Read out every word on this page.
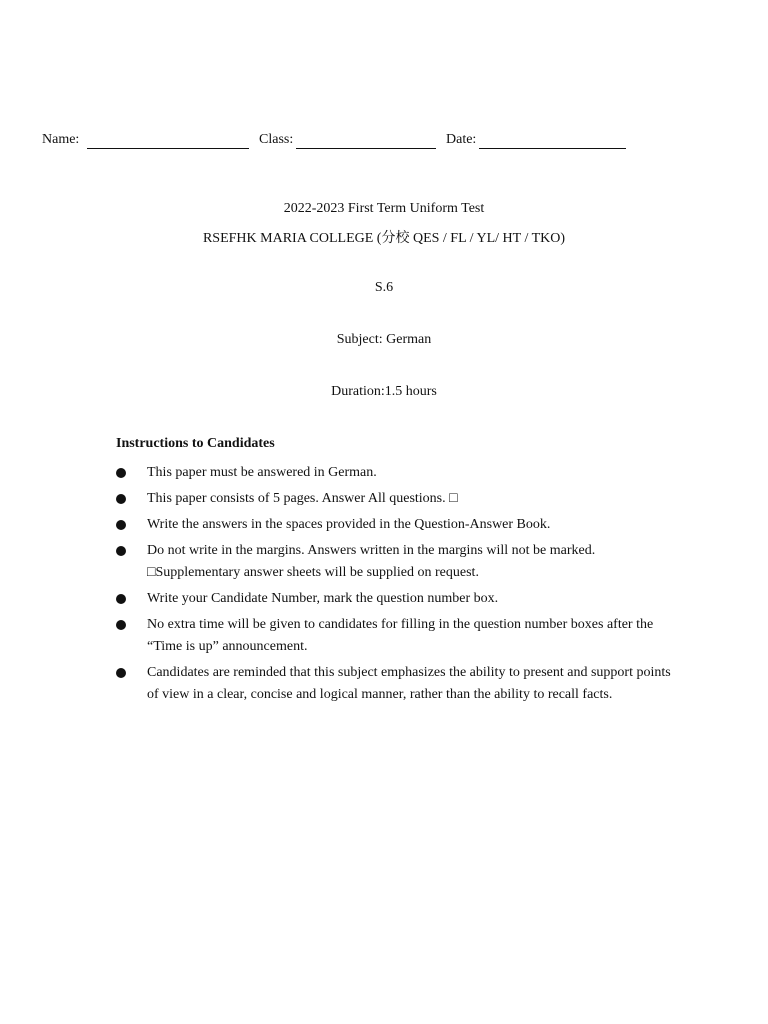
Name:	Class:	Date:
2022-2023 First Term Uniform Test
RSEFHK MARIA COLLEGE (分校 QES / FL / YL/ HT / TKO)
S.6
Subject: German
Duration:1.5 hours
Instructions to Candidates
This paper must be answered in German.
This paper consists of 5 pages. Answer All questions. □
Write the answers in the spaces provided in the Question-Answer Book.
Do not write in the margins. Answers written in the margins will not be marked. □Supplementary answer sheets will be supplied on request.
Write your Candidate Number, mark the question number box.
No extra time will be given to candidates for filling in the question number boxes after the “Time is up” announcement.
Candidates are reminded that this subject emphasizes the ability to present and support points of view in a clear, concise and logical manner, rather than the ability to recall facts.
